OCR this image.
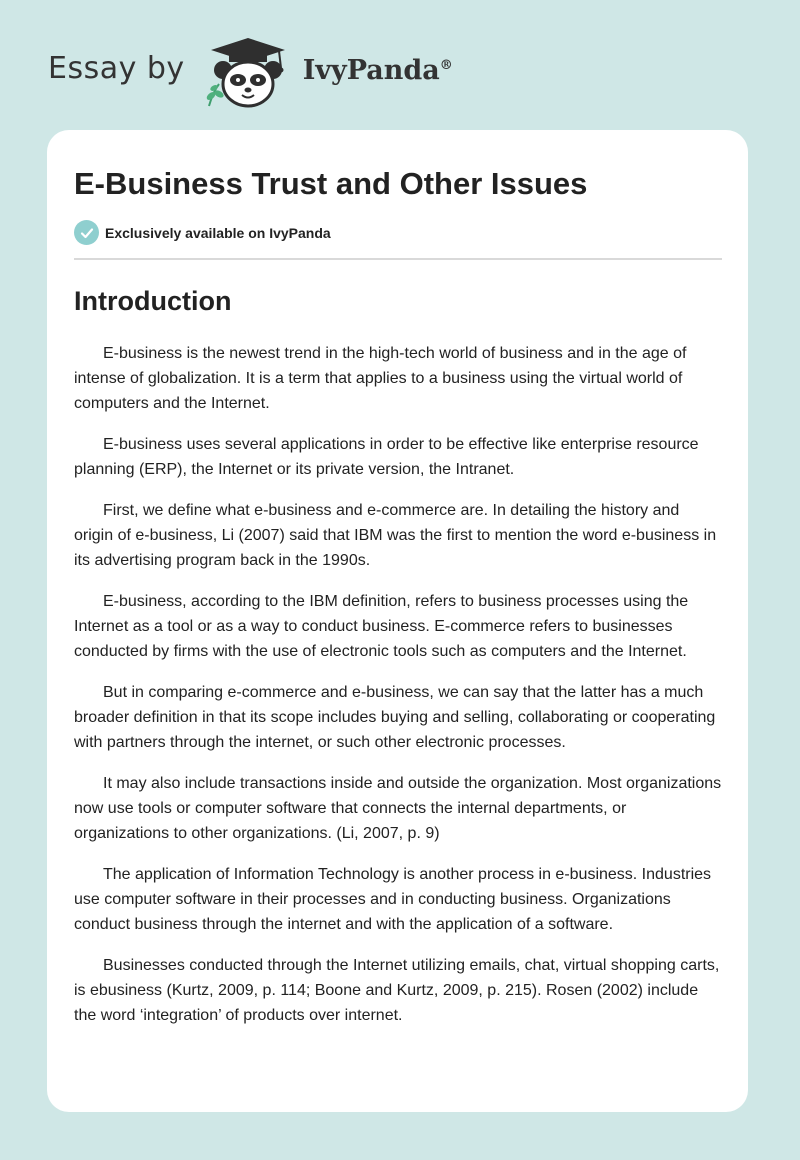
Essay by	IvyPanda®
E-Business Trust and Other Issues
Exclusively available on IvyPanda
Introduction

E-business is the newest trend in the high-tech world of business and in the age of intense of globalization. It is a term that applies to a business using the virtual world of computers and the Internet.

E-business uses several applications in order to be effective like enterprise resource planning (ERP), the Internet or its private version, the Intranet.

First, we define what e-business and e-commerce are. In detailing the history and origin of e-business, Li (2007) said that IBM was the first to mention the word e-business in its advertising program back in the 1990s.

E-business, according to the IBM definition, refers to business processes using the Internet as a tool or as a way to conduct business. E-commerce refers to businesses conducted by firms with the use of electronic tools such as computers and the Internet.

But in comparing e-commerce and e-business, we can say that the latter has a much broader definition in that its scope includes buying and selling, collaborating or cooperating with partners through the internet, or such other electronic processes.

It may also include transactions inside and outside the organization. Most organizations now use tools or computer software that connects the internal departments, or organizations to other organizations. (Li, 2007, p. 9)

The application of Information Technology is another process in e-business. Industries use computer software in their processes and in conducting business. Organizations conduct business through the internet and with the application of a software.

Businesses conducted through the Internet utilizing emails, chat, virtual shopping carts, is ebusiness (Kurtz, 2009, p. 114; Boone and Kurtz, 2009, p. 215). Rosen (2002) include the word ‘integration’ of products over internet.
